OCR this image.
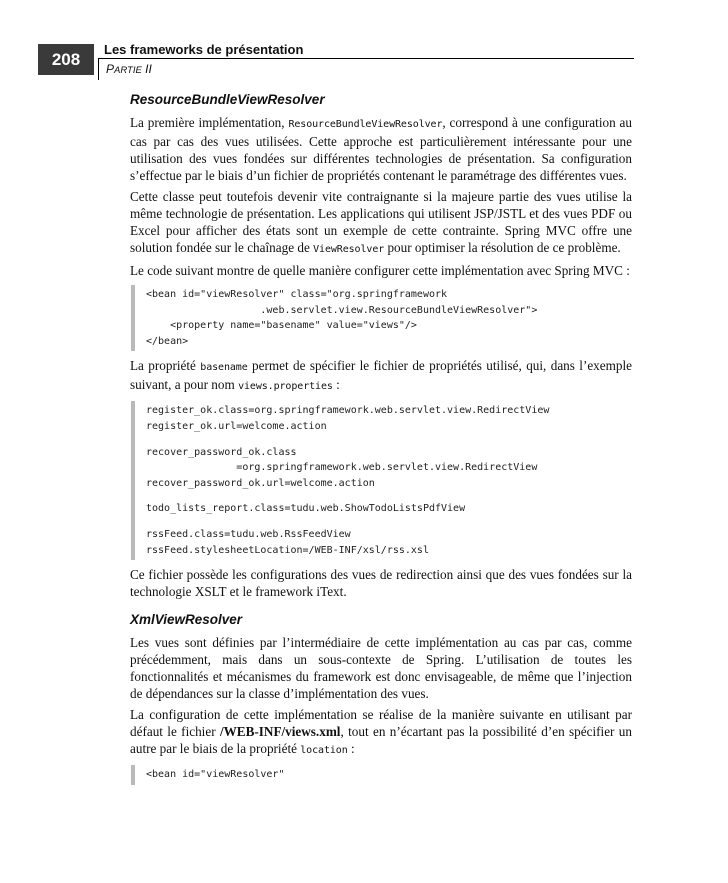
208
Les frameworks de présentation
PARTIE II
ResourceBundleViewResolver

La première implémentation, ResourceBundleViewResolver, correspond à une configuration au cas par cas des vues utilisées. Cette approche est particulièrement intéressante pour une utilisation des vues fondées sur différentes technologies de présentation. Sa configuration s’effectue par le biais d’un fichier de propriétés contenant le paramétrage des différentes vues.

Cette classe peut toutefois devenir vite contraignante si la majeure partie des vues utilise la même technologie de présentation. Les applications qui utilisent JSP/JSTL et des vues PDF ou Excel pour afficher des états sont un exemple de cette contrainte. Spring MVC offre une solution fondée sur le chaînage de ViewResolver pour optimiser la résolution de ce problème.

Le code suivant montre de quelle manière configurer cette implémentation avec Spring MVC :

<bean id="viewResolver" class="org.springframework
.web.servlet.view.ResourceBundleViewResolver">
<property name="basename" value="views"/>
</bean>

La propriété basename permet de spécifier le fichier de propriétés utilisé, qui, dans l’exemple suivant, a pour nom views.properties :

register_ok.class=org.springframework.web.servlet.view.RedirectView
register_ok.url=welcome.action
recover_password_ok.class
=org.springframework.web.servlet.view.RedirectView
recover_password_ok.url=welcome.action
todo_lists_report.class=tudu.web.ShowTodoListsPdfView
rssFeed.class=tudu.web.RssFeedView
rssFeed.stylesheetLocation=/WEB-INF/xsl/rss.xsl

Ce fichier possède les configurations des vues de redirection ainsi que des vues fondées sur la technologie XSLT et le framework iText.

XmlViewResolver

Les vues sont définies par l’intermédiaire de cette implémentation au cas par cas, comme précédemment, mais dans un sous-contexte de Spring. L’utilisation de toutes les fonctionnalités et mécanismes du framework est donc envisageable, de même que l’injection de dépendances sur la classe d’implémentation des vues.

La configuration de cette implémentation se réalise de la manière suivante en utilisant par défaut le fichier /WEB-INF/views.xml, tout en n’écartant pas la possibilité d’en spécifier un autre par le biais de la propriété location :

<bean id="viewResolver"
